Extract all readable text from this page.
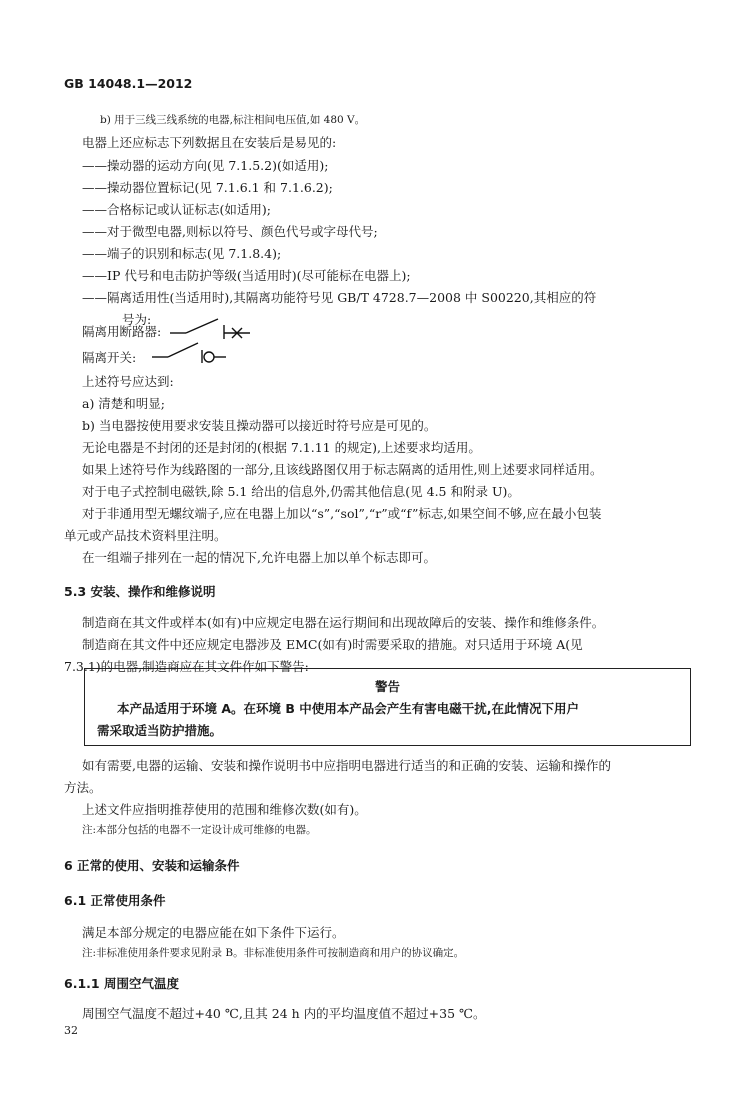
GB 14048.1—2012
b) 用于三线三线系统的电器,标注相间电压值,如 480 V。
电器上还应标志下列数据且在安装后是易见的:
——操动器的运动方向(见 7.1.5.2)(如适用);
——操动器位置标记(见 7.1.6.1 和 7.1.6.2);
——合格标记或认证标志(如适用);
——对于微型电器,则标以符号、颜色代号或字母代号;
——端子的识别和标志(见 7.1.8.4);
——IP 代号和电击防护等级(当适用时)(尽可能标在电器上);
——隔离适用性(当适用时),其隔离功能符号见 GB/T 4728.7—2008 中 S00220,其相应的符
号为:
隔离用断路器:
隔离开关:
上述符号应达到:
a) 清楚和明显;
b) 当电器按使用要求安装且操动器可以接近时符号应是可见的。
无论电器是不封闭的还是封闭的(根据 7.1.11 的规定),上述要求均适用。
如果上述符号作为线路图的一部分,且该线路图仅用于标志隔离的适用性,则上述要求同样适用。
对于电子式控制电磁铁,除 5.1 给出的信息外,仍需其他信息(见 4.5 和附录 U)。
对于非通用型无螺纹端子,应在电器上加以“s”,“sol”,“r”或“f”标志,如果空间不够,应在最小包装
单元或产品技术资料里注明。
在一组端子排列在一起的情况下,允许电器上加以单个标志即可。
5.3 安装、操作和维修说明
制造商在其文件或样本(如有)中应规定电器在运行期间和出现故障后的安装、操作和维修条件。
制造商在其文件中还应规定电器涉及 EMC(如有)时需要采取的措施。对只适用于环境 A(见
7.3.1)的电器,制造商应在其文件作如下警告:
警告
本产品适用于环境 A。在环境 B 中使用本产品会产生有害电磁干扰,在此情况下用户
需采取适当防护措施。
如有需要,电器的运输、安装和操作说明书中应指明电器进行适当的和正确的安装、运输和操作的
方法。
上述文件应指明推荐使用的范围和维修次数(如有)。
注:本部分包括的电器不一定设计成可维修的电器。
6 正常的使用、安装和运输条件
6.1 正常使用条件
满足本部分规定的电器应能在如下条件下运行。
注:非标准使用条件要求见附录 B。非标准使用条件可按制造商和用户的协议确定。
6.1.1 周围空气温度
周围空气温度不超过+40 ℃,且其 24 h 内的平均温度值不超过+35 ℃。
32
